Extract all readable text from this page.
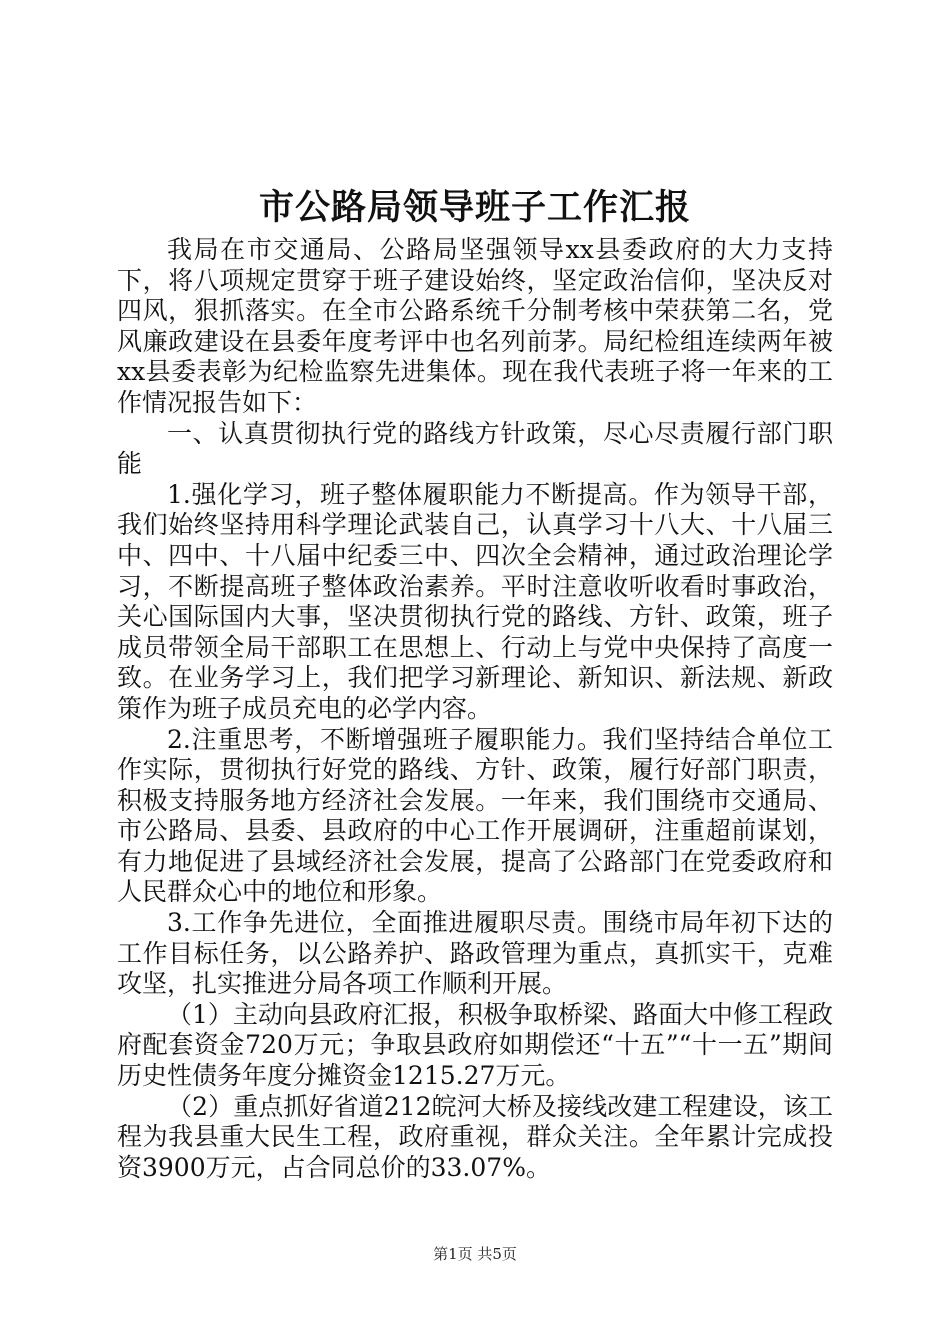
市公路局领导班子工作汇报

我局在市交通局、公路局坚强领导xx县委政府的大力支持下，将八项规定贯穿于班子建设始终，坚定政治信仰，坚决反对四风，狠抓落实。在全市公路系统千分制考核中荣获第二名，党风廉政建设在县委年度考评中也名列前茅。局纪检组连续两年被xx县委表彰为纪检监察先进集体。现在我代表班子将一年来的工作情况报告如下：

一、认真贯彻执行党的路线方针政策，尽心尽责履行部门职能

1.强化学习，班子整体履职能力不断提高。作为领导干部，我们始终坚持用科学理论武装自己，认真学习十八大、十八届三中、四中、十八届中纪委三中、四次全会精神，通过政治理论学习，不断提高班子整体政治素养。平时注意收听收看时事政治，关心国际国内大事，坚决贯彻执行党的路线、方针、政策，班子成员带领全局干部职工在思想上、行动上与党中央保持了高度一致。在业务学习上，我们把学习新理论、新知识、新法规、新政策作为班子成员充电的必学内容。

2.注重思考，不断增强班子履职能力。我们坚持结合单位工作实际，贯彻执行好党的路线、方针、政策，履行好部门职责，积极支持服务地方经济社会发展。一年来，我们围绕市交通局、市公路局、县委、县政府的中心工作开展调研，注重超前谋划，有力地促进了县域经济社会发展，提高了公路部门在党委政府和人民群众心中的地位和形象。

3.工作争先进位，全面推进履职尽责。围绕市局年初下达的工作目标任务，以公路养护、路政管理为重点，真抓实干，克难攻坚，扎实推进分局各项工作顺利开展。

（1）主动向县政府汇报，积极争取桥梁、路面大中修工程政府配套资金720万元；争取县政府如期偿还“十五”“十一五”期间历史性债务年度分摊资金1215.27万元。

（2）重点抓好省道212皖河大桥及接线改建工程建设，该工程为我县重大民生工程，政府重视，群众关注。全年累计完成投资3900万元，占合同总价的33.07%。

第1页 共5页
